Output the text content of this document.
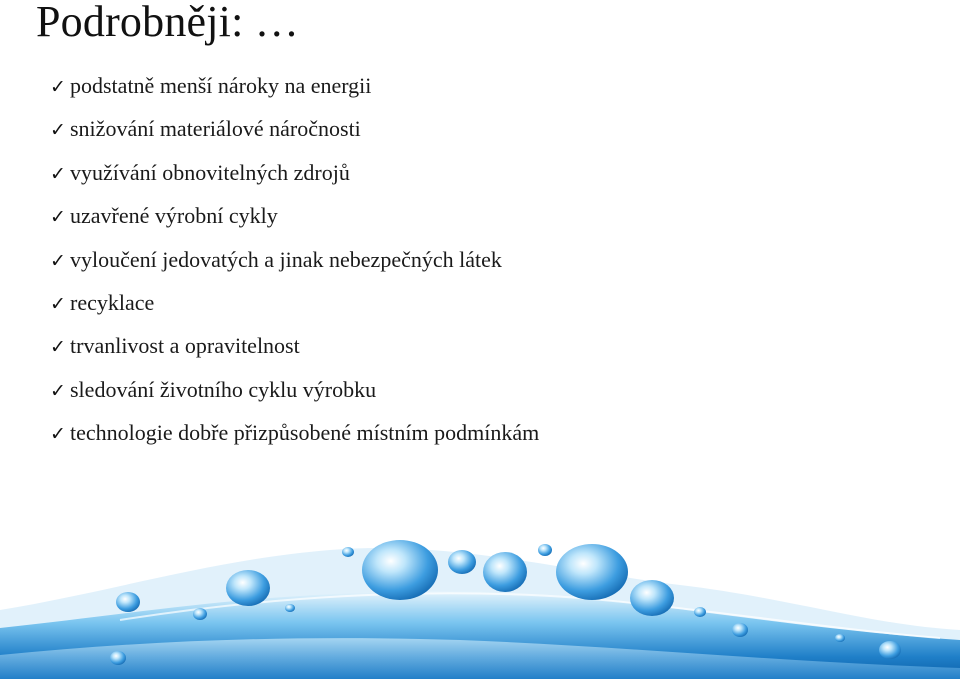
Podrobněji: …
✓ podstatně menší nároky na energii
✓ snižování materiálové náročnosti
✓ využívání obnovitelných zdrojů
✓ uzavřené výrobní cykly
✓ vyloučení jedovatých a jinak nebezpečných látek
✓ recyklace
✓ trvanlivost a opravitelnost
✓ sledování životního cyklu výrobku
✓ technologie dobře přizpůsobené místním podmínkám
